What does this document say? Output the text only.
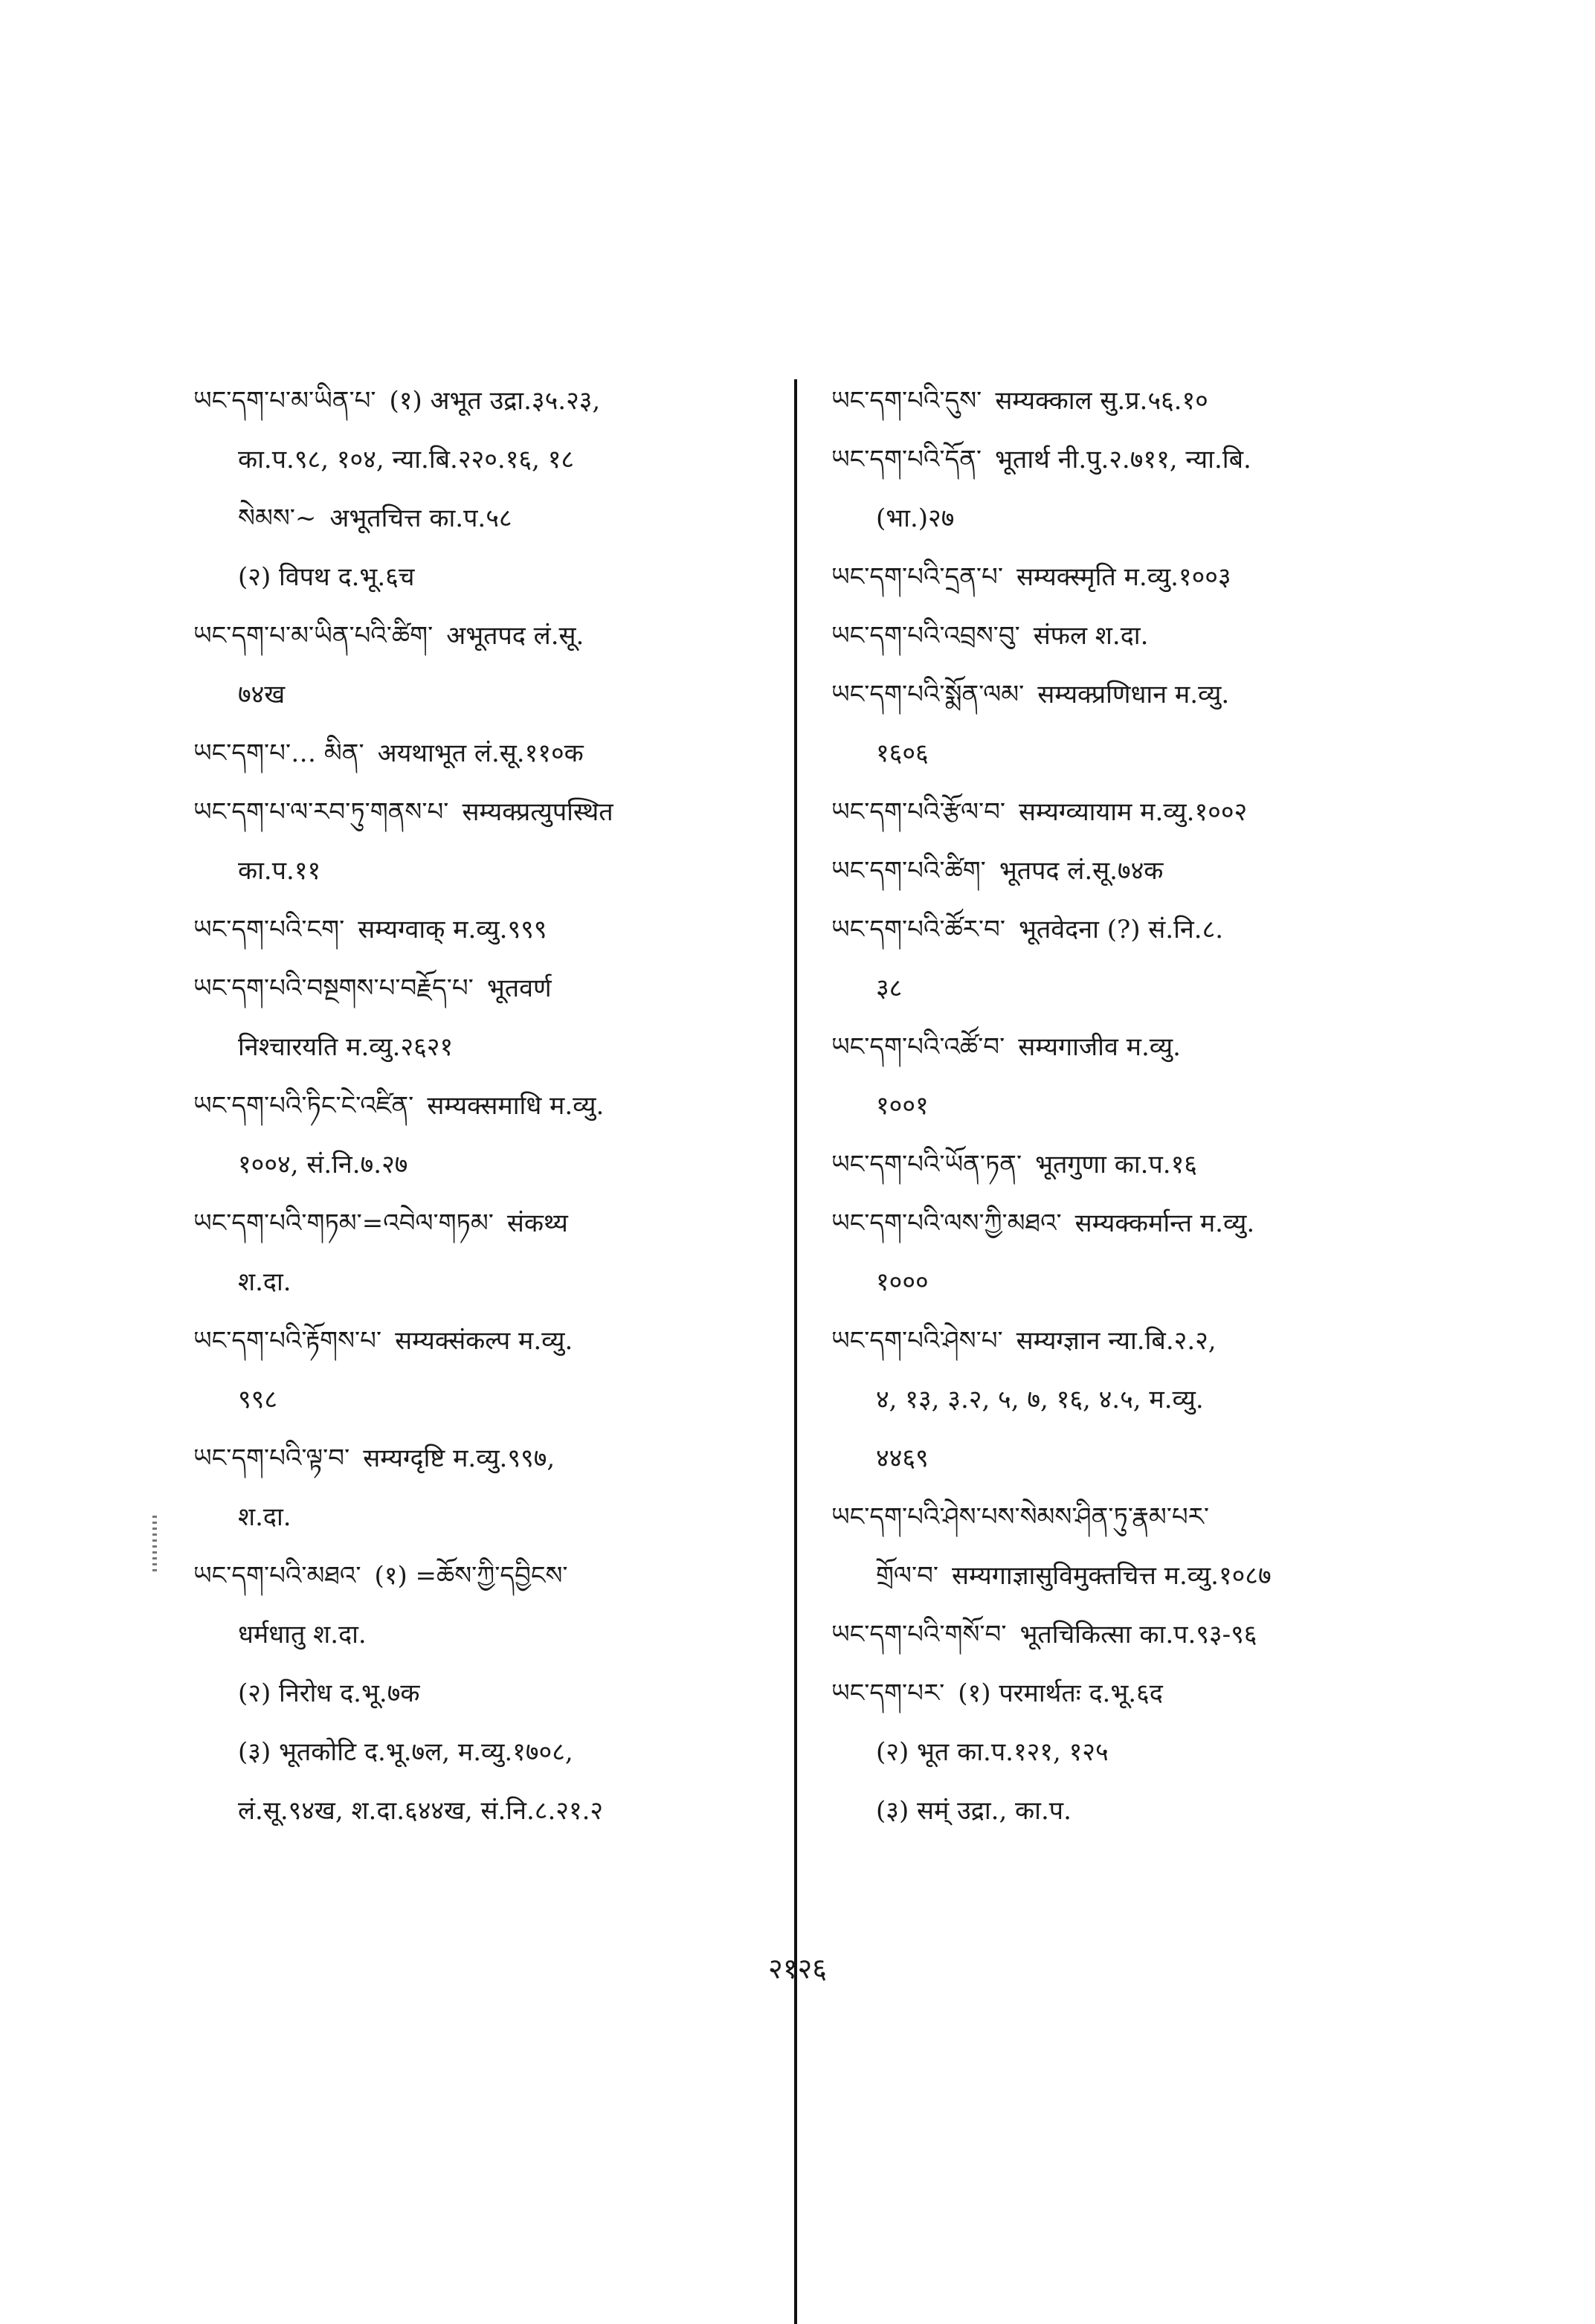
ཡང་དག་པ་མ་ཡིན་པ་ (१) अभूत उद्रा.३५.२३,
का.प.९८, १०४, न्या.बि.२२०.१६, १८
སེམས་~ अभूतचित्त का.प.५८
(२) विपथ द.भू.६च
ཡང་དག་པ་མ་ཡིན་པའི་ཚིག་ अभूतपद लं.सू.
७४ख
ཡང་དག་པ་… མིན་ अयथाभूत लं.सू.११०क
ཡང་དག་པ་ལ་རབ་ཏུ་གནས་པ་ सम्यक्प्रत्युपस्थित
का.प.११
ཡང་དག་པའི་ངག་ सम्यग्वाक् म.व्यु.९९९
ཡང་དག་པའི་བསྔགས་པ་བརྗོད་པ་ भूतवर्ण
निश्चारयति म.व्यु.२६२१
ཡང་དག་པའི་ཏིང་ངེ་འཛིན་ सम्यक्समाधि म.व्यु.
१००४, सं.नि.७.२७
ཡང་དག་པའི་གཏམ་=འབེལ་གཏམ་ संकथ्य
श.दा.
ཡང་དག་པའི་རྟོགས་པ་ सम्यक्संकल्प म.व्यु.
९९८
ཡང་དག་པའི་ལྟ་བ་ सम्यग्दृष्टि म.व्यु.९९७,
श.दा.
ཡང་དག་པའི་མཐའ་ (१) =ཆོས་ཀྱི་དབྱིངས་
धर्मधातु श.दा.
(२) निरोध द.भू.७क
(३) भूतकोटि द.भू.७ल, म.व्यु.१७०८,
लं.सू.९४ख, श.दा.६४४ख, सं.नि.८.२१.२
ཡང་དག་པའི་དུས་ सम्यक्काल सु.प्र.५६.१०
ཡང་དག་པའི་དོན་ भूतार्थ नी.पु.२.७११, न्या.बि.
(भा.)२७
ཡང་དག་པའི་དྲན་པ་ सम्यक्स्मृति म.व्यु.१००३
ཡང་དག་པའི་འབྲས་བུ་ संफल श.दा.
ཡང་དག་པའི་སྨོན་ལམ་ सम्यक्प्रणिधान म.व्यु.
१६०६
ཡང་དག་པའི་རྩོལ་བ་ सम्यग्व्यायाम म.व्यु.१००२
ཡང་དག་པའི་ཚིག་ भूतपद लं.सू.७४क
ཡང་དག་པའི་ཚོར་བ་ भूतवेदना (?) सं.नि.८.
३८
ཡང་དག་པའི་འཚོ་བ་ सम्यगाजीव म.व्यु.
१००१
ཡང་དག་པའི་ཡོན་ཏན་ भूतगुणा का.प.१६
ཡང་དག་པའི་ལས་ཀྱི་མཐའ་ सम्यक्कर्मान्त म.व्यु.
१०००
ཡང་དག་པའི་ཤེས་པ་ सम्यग्ज्ञान न्या.बि.२.२,
४, १३, ३.२, ५, ७, १६, ४.५, म.व्यु.
४४६९
ཡང་དག་པའི་ཤེས་པས་སེམས་ཤིན་ཏུ་རྣམ་པར་
གྲོལ་བ་ सम्यगाज्ञासुविमुक्तचित्त म.व्यु.१०८७
ཡང་དག་པའི་གསོ་བ་ भूतचिकित्सा का.प.९३-९६
ཡང་དག་པར་ (१) परमार्थतः द.भू.६द
(२) भूत का.प.१२१, १२५
(३) सम्ं उद्रा., का.प.
२१२६
